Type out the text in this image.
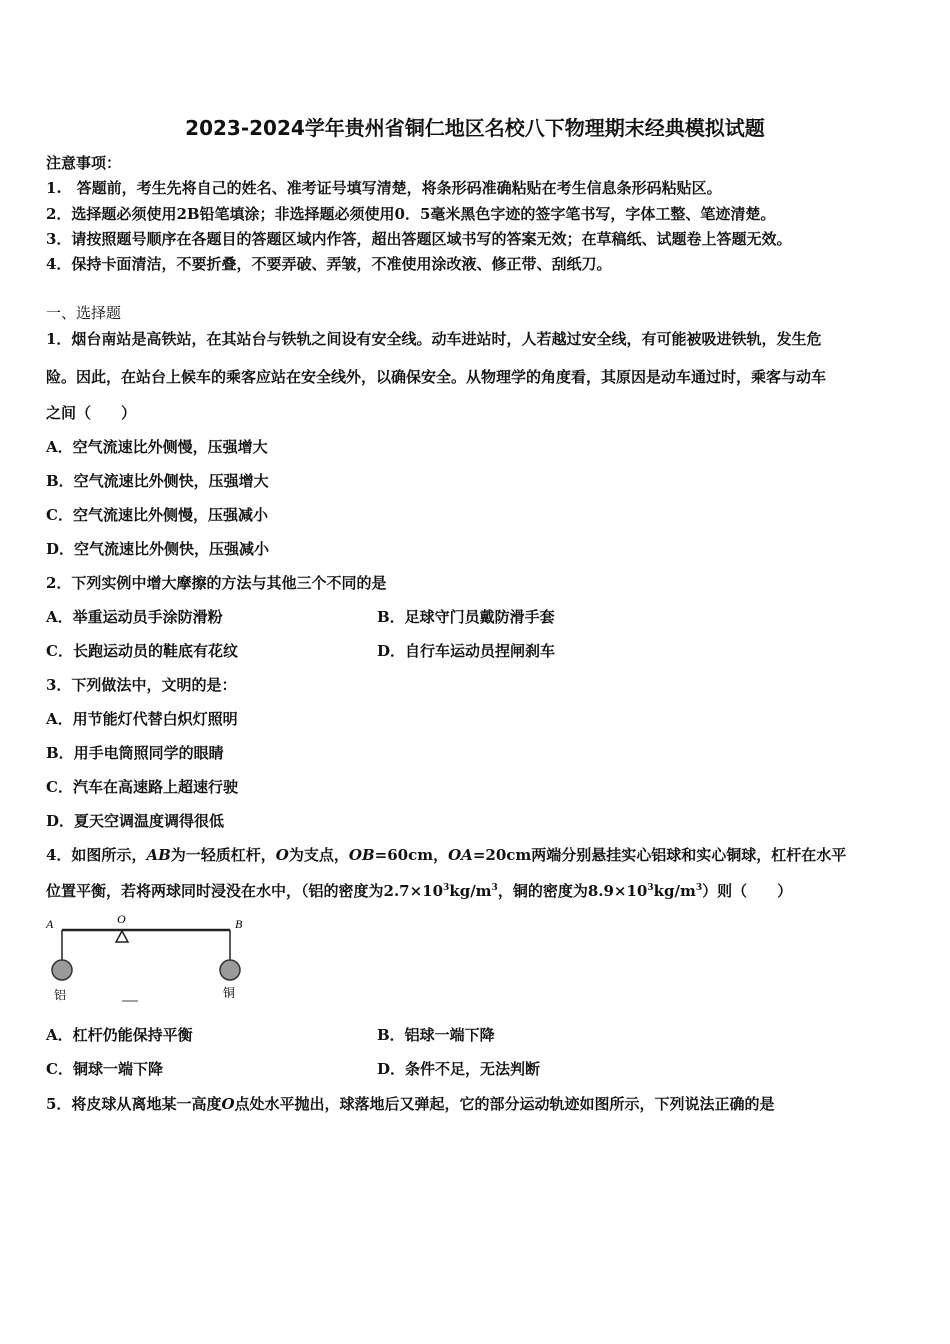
2023-2024学年贵州省铜仁地区名校八下物理期末经典模拟试题
注意事项：
1.　答题前，考生先将自己的姓名、准考证号填写清楚，将条形码准确粘贴在考生信息条形码粘贴区。
2．选择题必须使用2B铅笔填涂；非选择题必须使用0．5毫米黑色字迹的签字笔书写，字体工整、笔迹清楚。
3．请按照题号顺序在各题目的答题区域内作答，超出答题区域书写的答案无效；在草稿纸、试题卷上答题无效。
4．保持卡面清洁，不要折叠，不要弄破、弄皱，不准使用涂改液、修正带、刮纸刀。
一、选择题
1．烟台南站是高铁站，在其站台与铁轨之间设有安全线。动车进站时，人若越过安全线，有可能被吸进铁轨，发生危
险。因此，在站台上候车的乘客应站在安全线外，以确保安全。从物理学的角度看，其原因是动车通过时，乘客与动车
之间（　　）
A．空气流速比外侧慢，压强增大
B．空气流速比外侧快，压强增大
C．空气流速比外侧慢，压强减小
D．空气流速比外侧快，压强减小
2．下列实例中增大摩擦的方法与其他三个不同的是
A．举重运动员手涂防滑粉	B．足球守门员戴防滑手套
C．长跑运动员的鞋底有花纹	D．自行车运动员捏闸刹车
3．下列做法中，文明的是：
A．用节能灯代替白炽灯照明
B．用手电筒照同学的眼睛
C．汽车在高速路上超速行驶
D．夏天空调温度调得很低
4．如图所示，AB为一轻质杠杆，O为支点，OB=60cm，OA=20cm两端分别悬挂实心铝球和实心铜球，杠杆在水平
位置平衡，若将两球同时浸没在水中，（铝的密度为$2.7\times 10^3kg/m^3$，铜的密度为$8.9\times 10^3kg/m^3$）则（　　）
A	O	B
铝	铜
A．杠杆仍能保持平衡	B．铝球一端下降
C．铜球一端下降	D．条件不足，无法判断
5．将皮球从离地某一高度O点处水平抛出，球落地后又弹起，它的部分运动轨迹如图所示，下列说法正确的是
